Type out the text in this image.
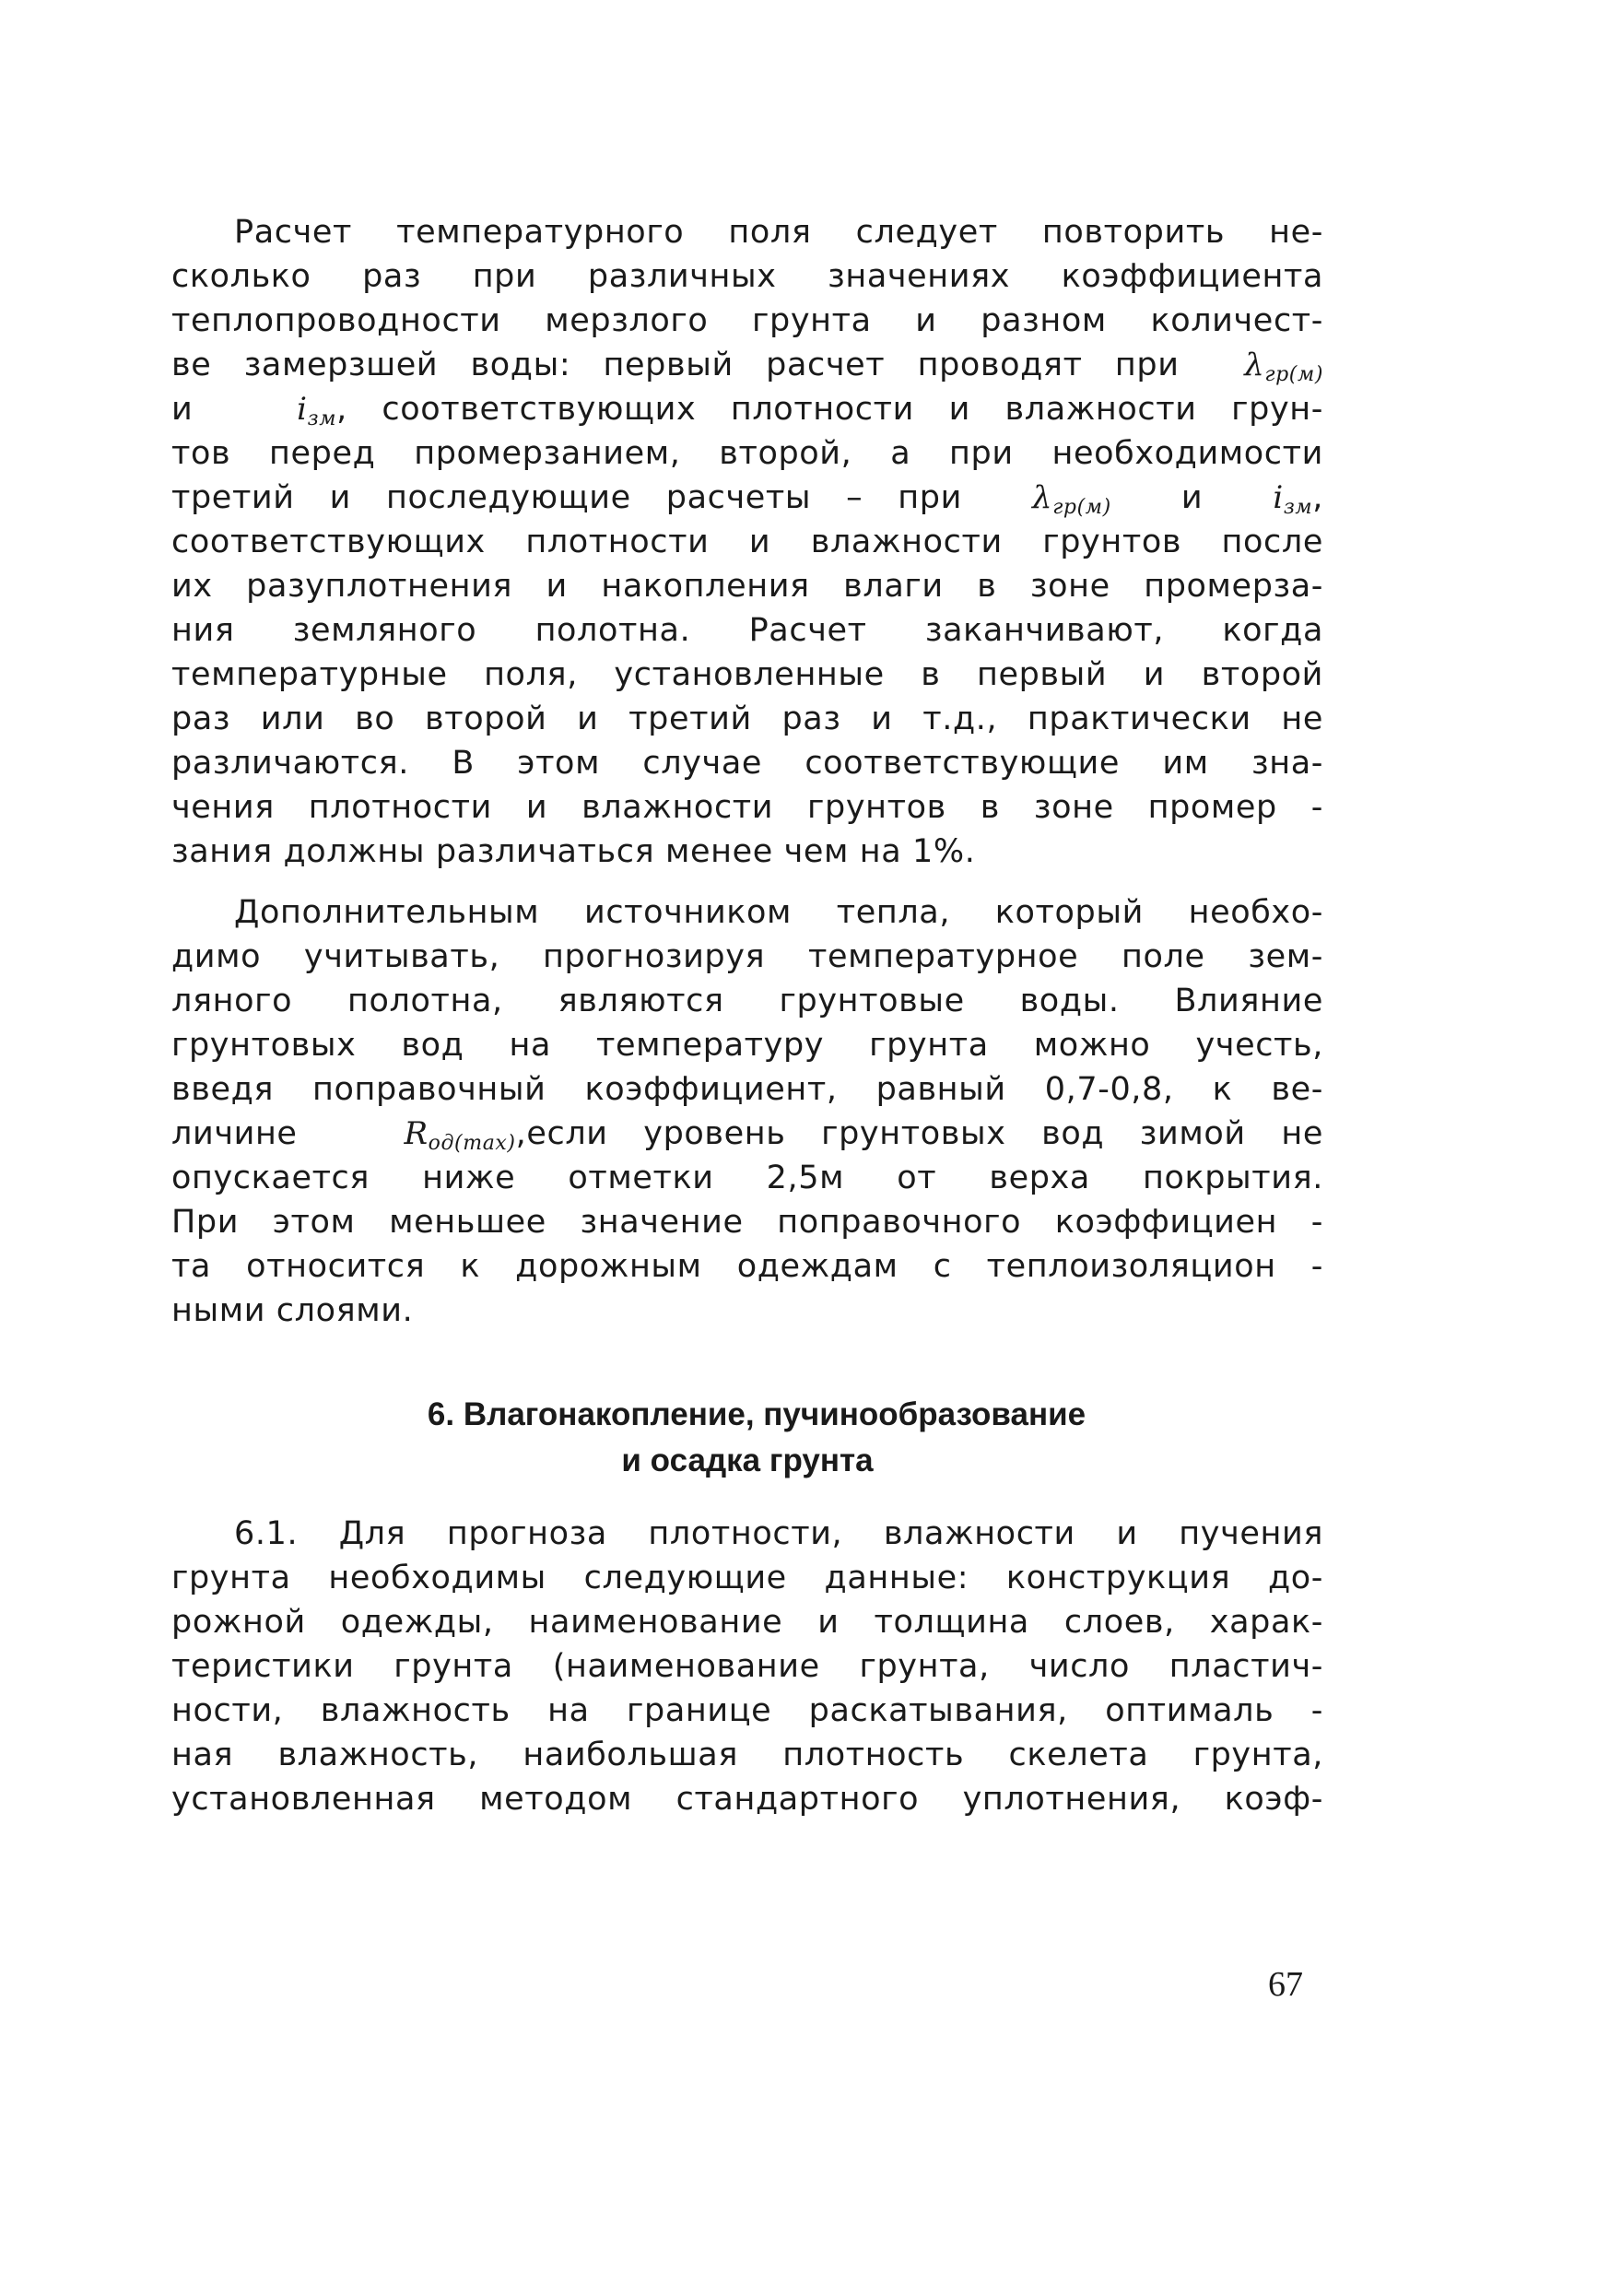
Расчет температурного поля следует повторить не-
сколько раз при различных значениях коэффициента
теплопроводности мерзлого грунта и разном количест-
ве замерзшей воды: первый расчет проводят при $\lambda_{гр(м)}$
и	$i_{зм}$, соответствующих плотности и влажности грун-
тов перед промерзанием, второй, а при необходимости
третий и последующие расчеты – при $\lambda_{гр(м)}$ и $i_{зм}$,
соответствующих плотности и влажности грунтов после
их разуплотнения и накопления влаги в зоне промерза-
ния земляного полотна. Расчет заканчивают, когда
температурные поля, установленные в первый и второй
раз или во второй и третий раз и т.д., практически не
различаются. В этом случае соответствующие им зна-
чения плотности и влажности грунтов в зоне промер -
зания должны различаться менее чем на 1%.
Дополнительным источником тепла, который необхо-
димо учитывать, прогнозируя температурное поле зем-
ляного полотна, являются грунтовые воды. Влияние
грунтовых вод на температуру грунта можно учесть,
введя поправочный коэффициент, равный 0,7-0,8, к ве-
личине	$R_{од(max)},если$ уровень грунтовых вод зимой не
опускается ниже отметки 2,5м от верха покрытия.
При этом меньшее значение поправочного коэффициен -
та относится к дорожным одеждам с теплоизоляцион -
ными слоями.
6. Влагонакопление, пучинообразование
и осадка грунта
6.1. Для прогноза плотности, влажности и пучения
грунта необходимы следующие данные: конструкция до-
рожной одежды, наименование и толщина слоев, харак-
теристики грунта (наименование грунта, число пластич-
ности, влажность на границе раскатывания, оптималь -
ная влажность, наибольшая плотность скелета грунта,
установленная методом стандартного уплотнения, коэф-
67
